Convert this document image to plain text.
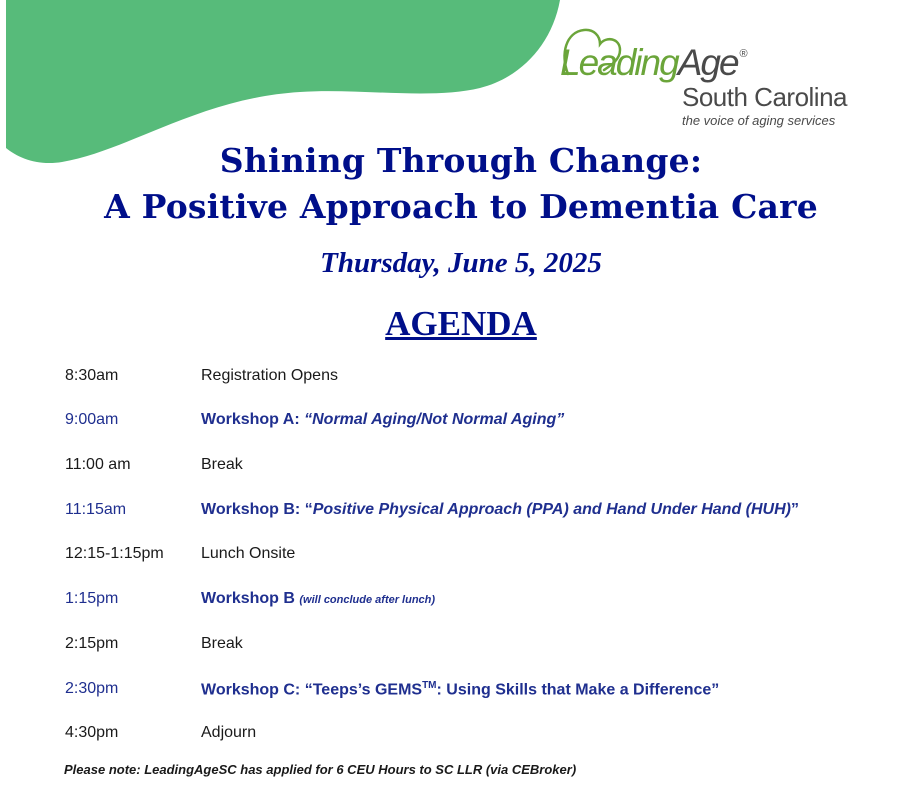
LeadingAge ®
South Carolina
the voice of aging services
Shining Through Change:
A Positive Approach to Dementia Care
Thursday, June 5, 2025
AGENDA
8:30am	Registration Opens
9:00am	Workshop A: “Normal Aging/Not Normal Aging”
11:00 am	Break
11:15am	Workshop B: “Positive Physical Approach (PPA) and Hand Under Hand (HUH)”
12:15-1:15pm Lunch Onsite
1:15pm	Workshop B (will conclude after lunch)
2:15pm	Break
2:30pm	Workshop C: “Teeps’s GEMS™: Using Skills that Make a Difference”
4:30pm	Adjourn
Please note: LeadingAgeSC has applied for 6 CEU Hours to SC LLR (via CEBroker)
